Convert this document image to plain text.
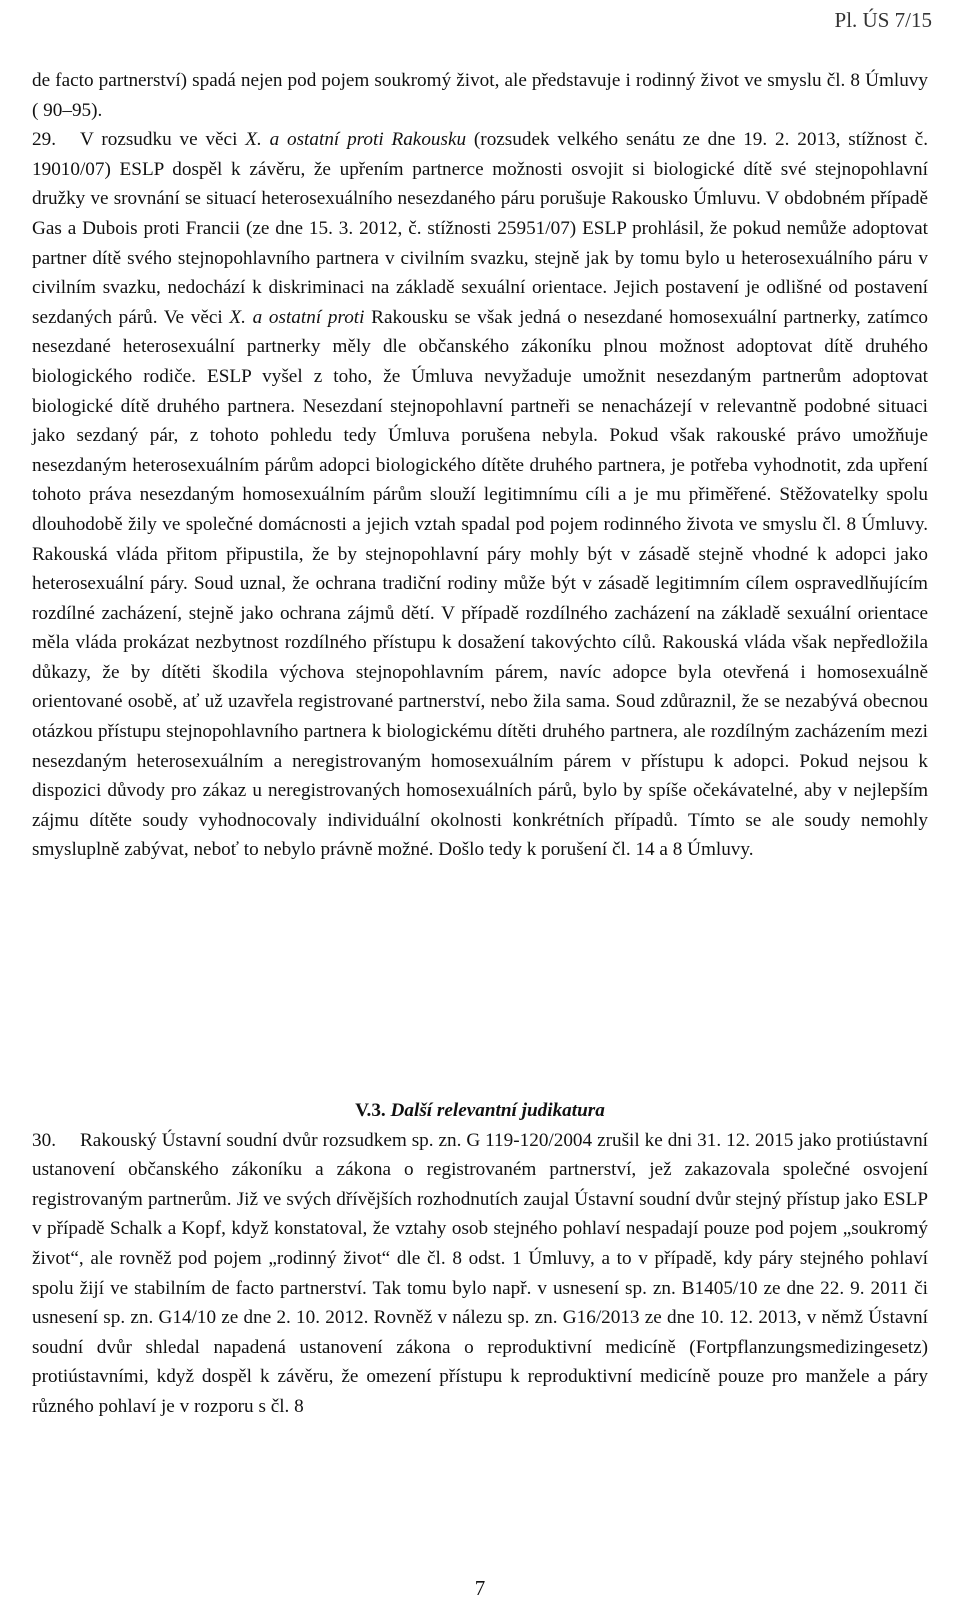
Pl. ÚS 7/15

de facto partnerství) spadá nejen pod pojem soukromý život, ale představuje i rodinný život ve smyslu čl. 8 Úmluvy ( 90–95).

29. V rozsudku ve věci X. a ostatní proti Rakousku (rozsudek velkého senátu ze dne 19. 2. 2013, stížnost č. 19010/07) ESLP dospěl k závěru, že upřením partnerce možnosti osvojit si biologické dítě své stejnopohlavní družky ve srovnání se situací heterosexuálního nesezdaného páru porušuje Rakousko Úmluvu. V obdobném případě Gas a Dubois proti Francii (ze dne 15. 3. 2012, č. stížnosti 25951/07) ESLP prohlásil, že pokud nemůže adoptovat partner dítě svého stejnopohlavního partnera v civilním svazku, stejně jak by tomu bylo u heterosexuálního páru v civilním svazku, nedochází k diskriminaci na základě sexuální orientace. Jejich postavení je odlišné od postavení sezdaných párů. Ve věci X. a ostatní proti Rakousku se však jedná o nesezdané homosexuální partnerky, zatímco nesezdané heterosexuální partnerky měly dle občanského zákoníku plnou možnost adoptovat dítě druhého biologického rodiče. ESLP vyšel z toho, že Úmluva nevyžaduje umožnit nesezdaným partnerům adoptovat biologické dítě druhého partnera. Nesezdaní stejnopohlavní partneři se nenacházejí v relevantně podobné situaci jako sezdaný pár, z tohoto pohledu tedy Úmluva porušena nebyla. Pokud však rakouské právo umožňuje nesezdaným heterosexuálním párům adopci biologického dítěte druhého partnera, je potřeba vyhodnotit, zda upření tohoto práva nesezdaným homosexuálním párům slouží legitimnímu cíli a je mu přiměřené. Stěžovatelky spolu dlouhodobě žily ve společné domácnosti a jejich vztah spadal pod pojem rodinného života ve smyslu čl. 8 Úmluvy. Rakouská vláda přitom připustila, že by stejnopohlavní páry mohly být v zásadě stejně vhodné k adopci jako heterosexuální páry. Soud uznal, že ochrana tradiční rodiny může být v zásadě legitimním cílem ospravedlňujícím rozdílné zacházení, stejně jako ochrana zájmů dětí. V případě rozdílného zacházení na základě sexuální orientace měla vláda prokázat nezbytnost rozdílného přístupu k dosažení takovýchto cílů. Rakouská vláda však nepředložila důkazy, že by dítěti škodila výchova stejnopohlavním párem, navíc adopce byla otevřená i homosexuálně orientované osobě, ať už uzavřela registrované partnerství, nebo žila sama. Soud zdůraznil, že se nezabývá obecnou otázkou přístupu stejnopohlavního partnera k biologickému dítěti druhého partnera, ale rozdílným zacházením mezi nesezdaným heterosexuálním a neregistrovaným homosexuálním párem v přístupu k adopci. Pokud nejsou k dispozici důvody pro zákaz u neregistrovaných homosexuálních párů, bylo by spíše očekávatelné, aby v nejlepším zájmu dítěte soudy vyhodnocovaly individuální okolnosti konkrétních případů. Tímto se ale soudy nemohly smysluplně zabývat, neboť to nebylo právně možné. Došlo tedy k porušení čl. 14 a 8 Úmluvy.

V.3. Další relevantní judikatura

30. Rakouský Ústavní soudní dvůr rozsudkem sp. zn. G 119-120/2004 zrušil ke dni 31. 12. 2015 jako protiústavní ustanovení občanského zákoníku a zákona o registrovaném partnerství, jež zakazovala společné osvojení registrovaným partnerům. Již ve svých dřívějších rozhodnutích zaujal Ústavní soudní dvůr stejný přístup jako ESLP v případě Schalk a Kopf, když konstatoval, že vztahy osob stejného pohlaví nespadají pouze pod pojem „soukromý život“, ale rovněž pod pojem „rodinný život“ dle čl. 8 odst. 1 Úmluvy, a to v případě, kdy páry stejného pohlaví spolu žijí ve stabilním de facto partnerství. Tak tomu bylo např. v usnesení sp. zn. B1405/10 ze dne 22. 9. 2011 či usnesení sp. zn. G14/10 ze dne 2. 10. 2012. Rovněž v nálezu sp. zn. G16/2013 ze dne 10. 12. 2013, v němž Ústavní soudní dvůr shledal napadená ustanovení zákona o reproduktivní medicíně (Fortpflanzungsmedizingesetz) protiústavními, když dospěl k závěru, že omezení přístupu k reproduktivní medicíně pouze pro manžele a páry různého pohlaví je v rozporu s čl. 8

7
